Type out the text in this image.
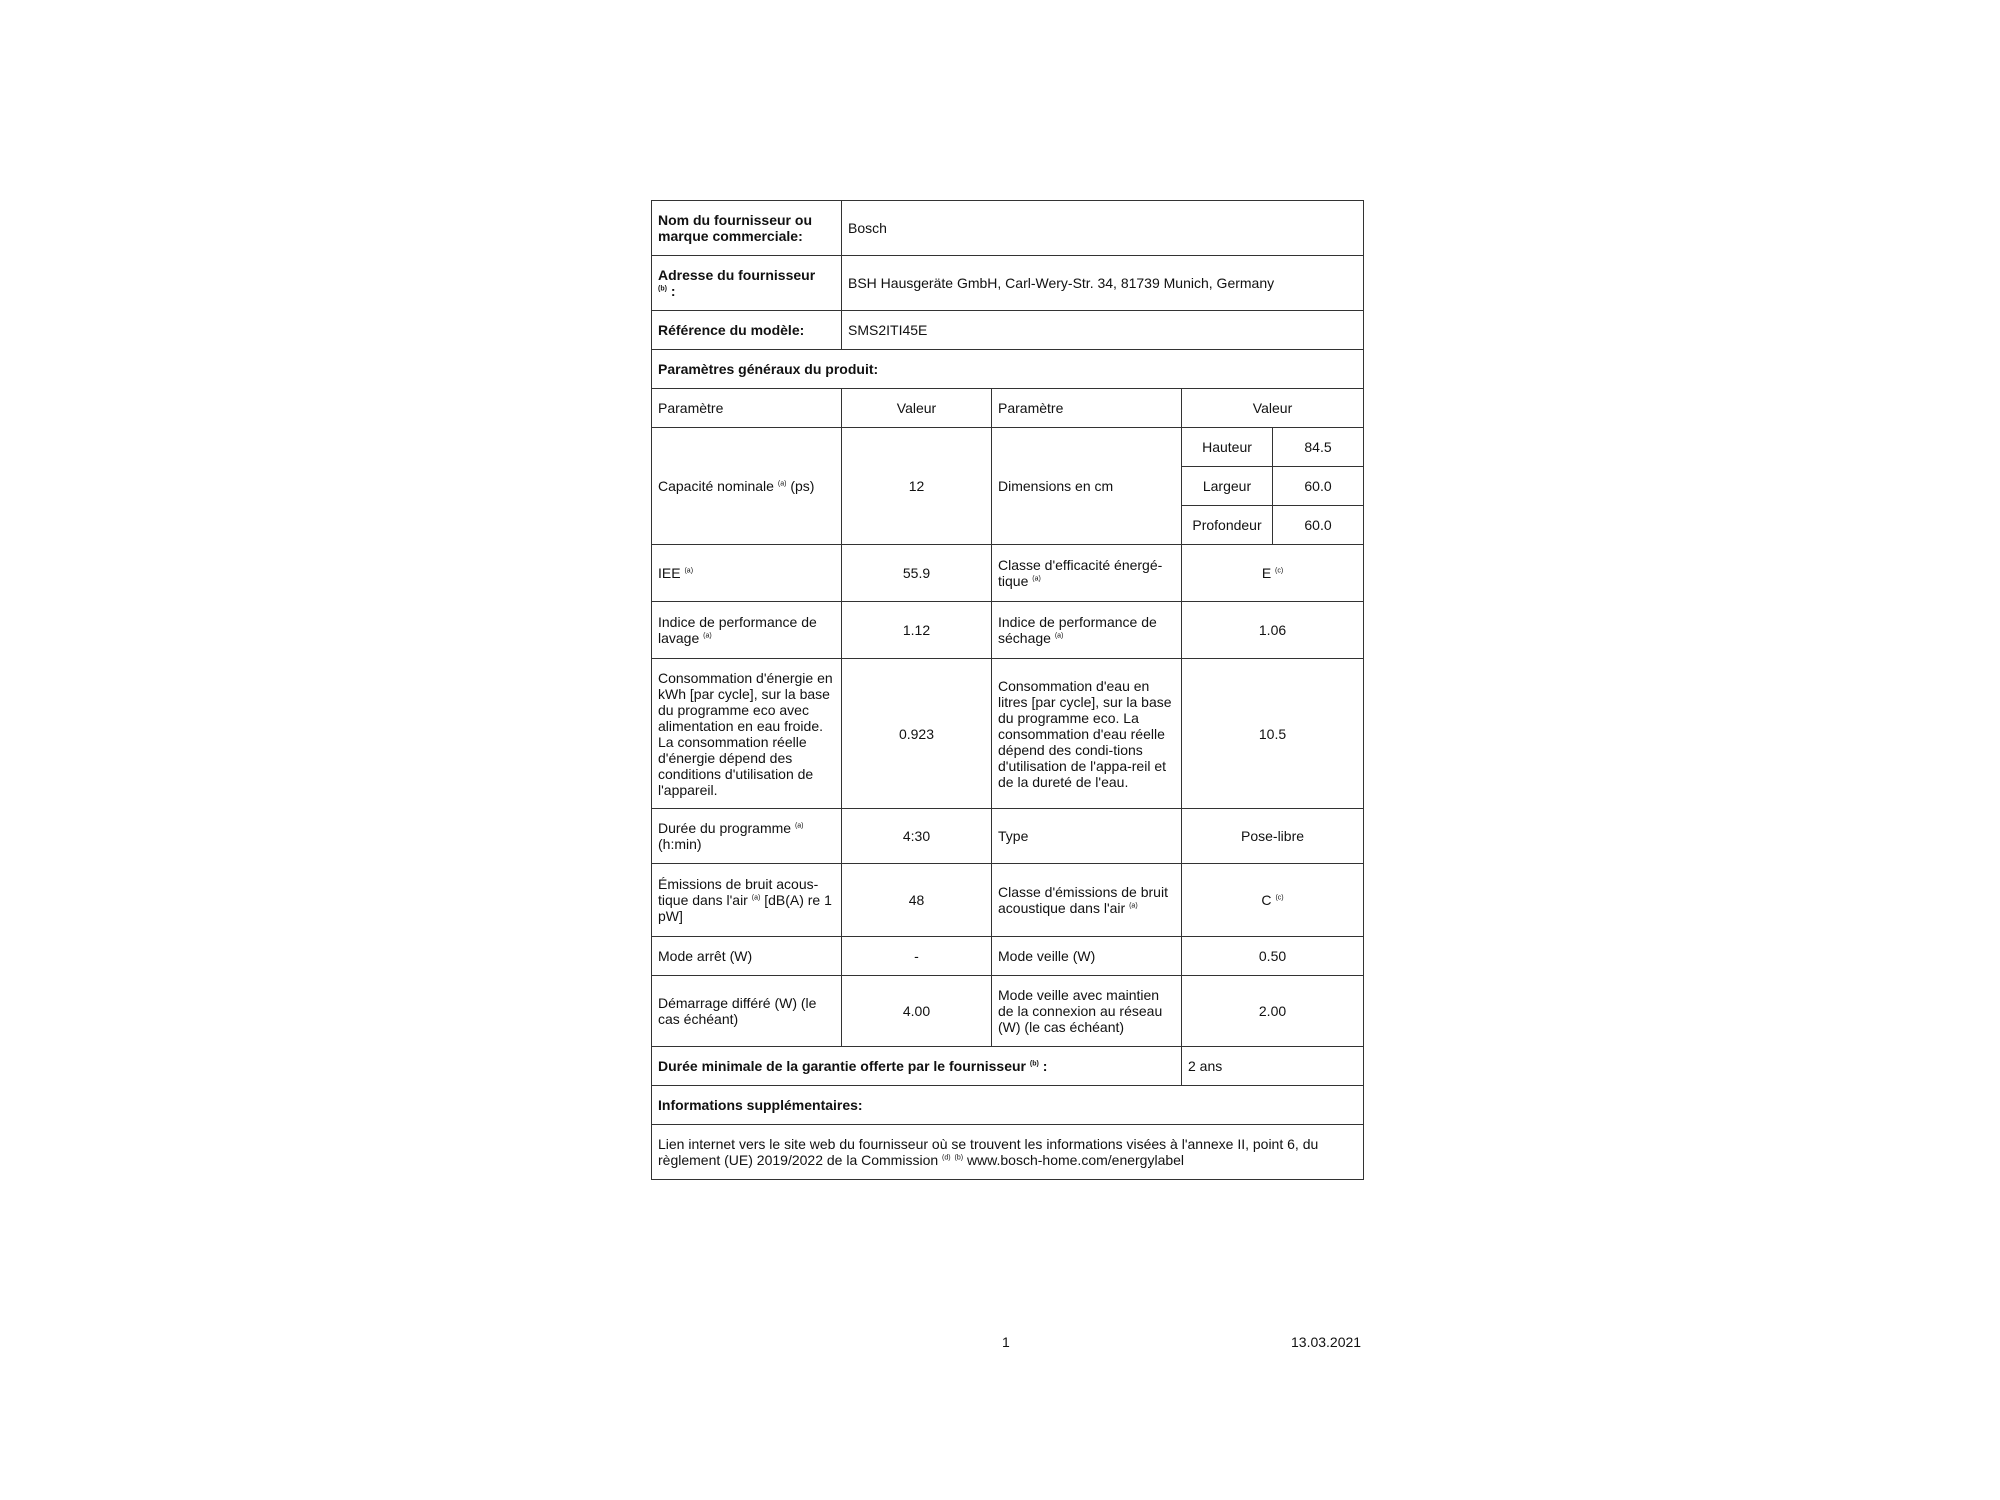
Nom du fournisseur ou marque commerciale:	Bosch			
Adresse du fournisseur
$^{(b)}$ :	BSH Hausgeräte GmbH, Carl-Wery-Str. 34, 81739 Munich, Germany			
Référence du modèle:	SMS2ITI45E			
Paramètres généraux du produit:				
Paramètre	Valeur	Paramètre	Valeur	
Capacité nominale $^{(a)}$ (ps)	12	Dimensions en cm	Hauteur	84.5
			Largeur	60.0
			Profondeur	60.0
IEE $^{(a)}$	55.9	Classe d'efficacité énergé-tique $^{(a)}$	E $^{(c)}$
Indice de performance de lavage $^{(a)}$	1.12	Indice de performance de séchage $^{(a)}$	1.06	
Consommation d'énergie en kWh [par cycle], sur la base du programme eco avec alimentation en eau froide. La consommation réelle d'énergie dépend des conditions d'utilisation de l'appareil.	0.923	Consommation d'eau en litres [par cycle], sur la base du programme eco. La consommation d'eau réelle dépend des condi-tions d'utilisation de l'appa-reil et de la dureté de l'eau.	10.5	
Durée du programme $^{(a)}$ (h:min)	4:30	Type	Pose-libre	
Émissions de bruit acous-tique dans l'air $^{(a)}$ [dB(A) re 1 pW]	48	Classe d'émissions de bruit acoustique dans l'air $^{(a)}$	C $^{(c)}$
Mode arrêt (W)	-	Mode veille (W)	0.50	
Démarrage différé (W) (le cas échéant)	4.00	Mode veille avec maintien de la connexion au réseau (W) (le cas échéant)	2.00	
Durée minimale de la garantie offerte par le fournisseur $^{(b)}$ :			2 ans	
Informations supplémentaires:				
Lien internet vers le site web du fournisseur où se trouvent les informations visées à l'annexe II, point 6, du règlement (UE) 2019/2022 de la Commission $^{(d)}$ $^{(b)}$ www.bosch-home.com/energylabel				
1	13.03.2021
